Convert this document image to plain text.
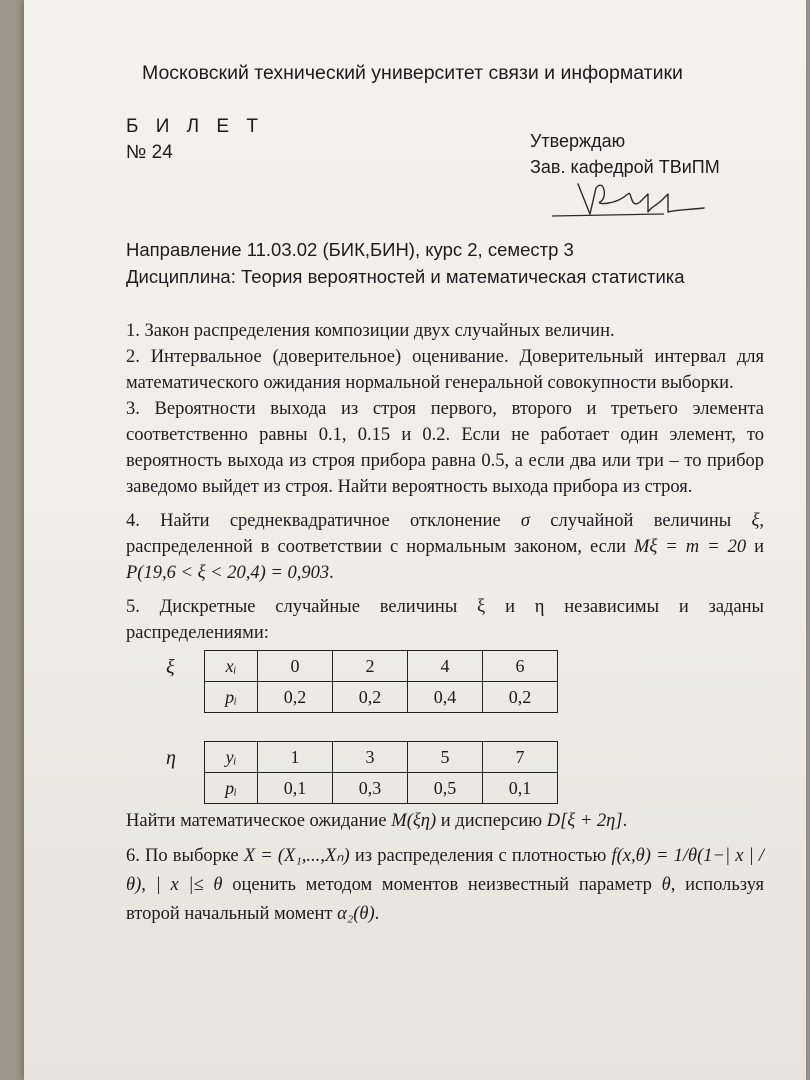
Московский технический университет связи и информатики
Б И Л Е Т
№ 24
Утверждаю
Зав. кафедрой ТВиПМ
Направление 11.03.02 (БИК,БИН), курс 2, семестр 3
Дисциплина: Теория вероятностей и математическая статистика

1. Закон распределения композиции двух случайных величин.

2. Интервальное (доверительное) оценивание. Доверительный интервал для математического ожидания нормальной генеральной совокупности выборки.

3. Вероятности выхода из строя первого, второго и третьего элемента соответственно равны 0.1, 0.15 и 0.2. Если не работает один элемент, то вероятность выхода из строя прибора равна 0.5, а если два или три – то прибор заведомо выйдет из строя. Найти вероятность выхода прибора из строя.

4. Найти среднеквадратичное отклонение σ случайной величины ξ, распределенной в соответствии с нормальным законом, если Mξ = m = 20 и P(19,6 < ξ < 20,4) = 0,903.

5. Дискретные случайные величины ξ и η независимы и заданы распределениями:

ξ	xᵢ	0	2	4	6
pᵢ	0,2	0,2	0,4	0,2
η	yᵢ	1	3	5	7
pᵢ	0,1	0,3	0,5	0,1

Найти математическое ожидание M(ξη) и дисперсию D[ξ + 2η].

6. По выборке X = (X₁,...,Xₙ) из распределения с плотностью f(x,θ) = 1/θ(1−| x | /θ), | x |≤ θ оценить методом моментов неизвестный параметр θ, используя второй начальный момент α₂(θ).
